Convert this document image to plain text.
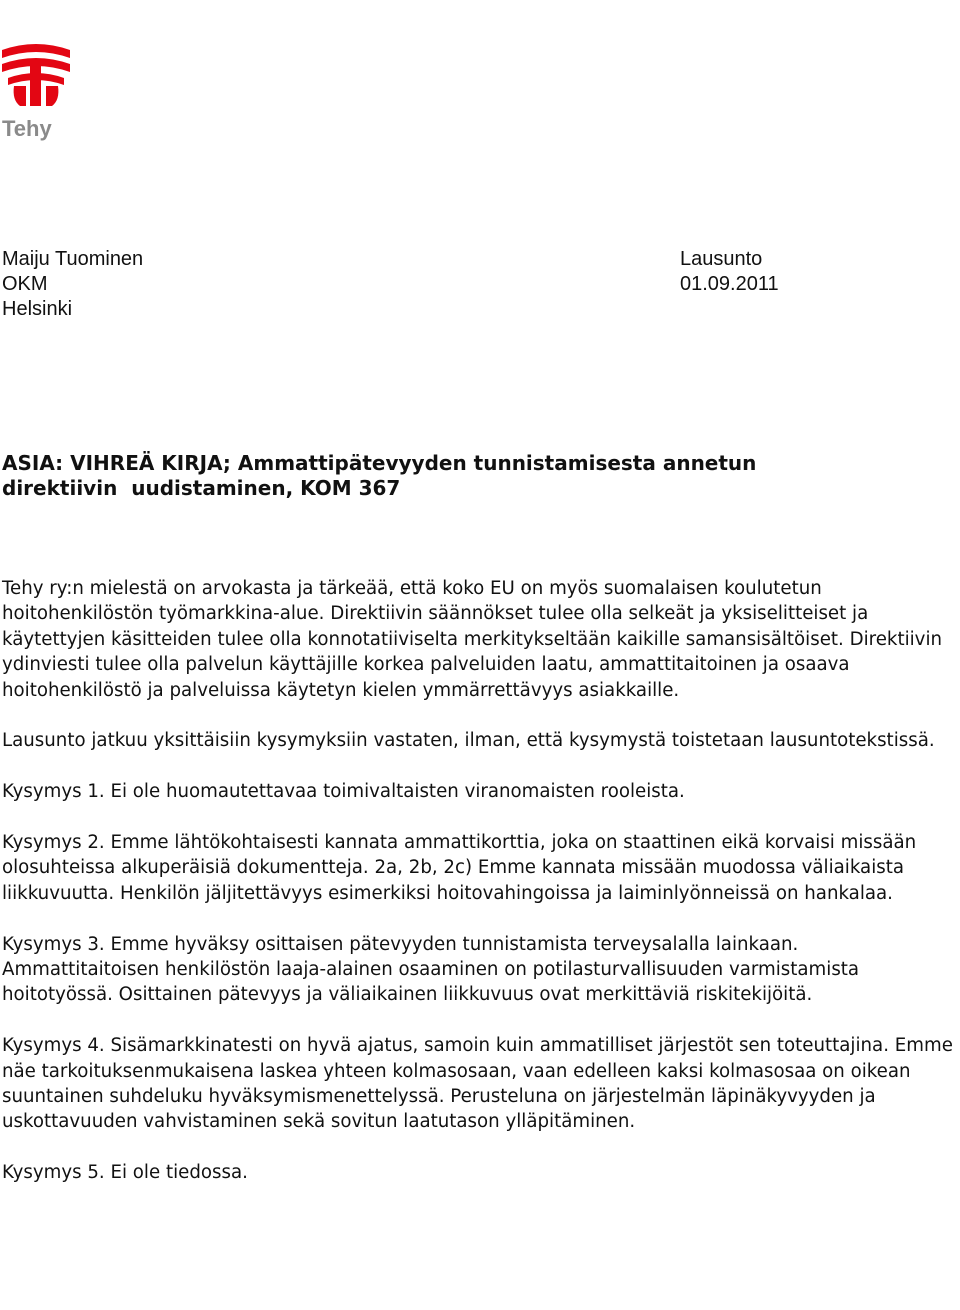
Tehy
Maiju Tuominen
OKM
Helsinki
Lausunto
01.09.2011
ASIA: VIHREÄ KIRJA; Ammattipätevyyden tunnistamisesta annetun
direktiivin  uudistaminen, KOM 367

Tehy ry:n mielestä on arvokasta ja tärkeää, että koko EU on myös suomalaisen koulutetun hoitohenkilöstön työmarkkina-alue. Direktiivin säännökset tulee olla selkeät ja yksiselitteiset ja käytettyjen käsitteiden tulee olla konnotatiiviselta merkitykseltään kaikille samansisältöiset. Direktiivin ydinviesti tulee olla palvelun käyttäjille korkea palveluiden laatu, ammattitaitoinen ja osaava hoitohenkilöstö ja palveluissa käytetyn kielen ymmärrettävyys asiakkaille.

Lausunto jatkuu yksittäisiin kysymyksiin vastaten, ilman, että kysymystä toistetaan lausuntotekstissä.

Kysymys 1. Ei ole huomautettavaa toimivaltaisten viranomaisten rooleista.

Kysymys 2. Emme lähtökohtaisesti kannata ammattikorttia, joka on staattinen eikä korvaisi missään olosuhteissa alkuperäisiä dokumentteja. 2a, 2b, 2c) Emme kannata missään muodossa väliaikaista liikkuvuutta. Henkilön jäljitettävyys esimerkiksi hoitovahingoissa ja laiminlyönneissä on hankalaa.

Kysymys 3. Emme hyväksy osittaisen pätevyyden tunnistamista terveysalalla lainkaan. Ammattitaitoisen henkilöstön laaja-alainen osaaminen on potilasturvallisuuden varmistamista hoitotyössä. Osittainen pätevyys ja väliaikainen liikkuvuus ovat merkittäviä riskitekijöitä.

Kysymys 4. Sisämarkkinatesti on hyvä ajatus, samoin kuin ammatilliset järjestöt sen toteuttajina. Emme näe tarkoituksenmukaisena laskea yhteen kolmasosaan, vaan edelleen kaksi kolmasosaa on oikean suuntainen suhdeluku hyväksymismenettelyssä. Perusteluna on järjestelmän läpinäkyvyyden ja uskottavuuden vahvistaminen sekä sovitun laatutason ylläpitäminen.

Kysymys 5. Ei ole tiedossa.
